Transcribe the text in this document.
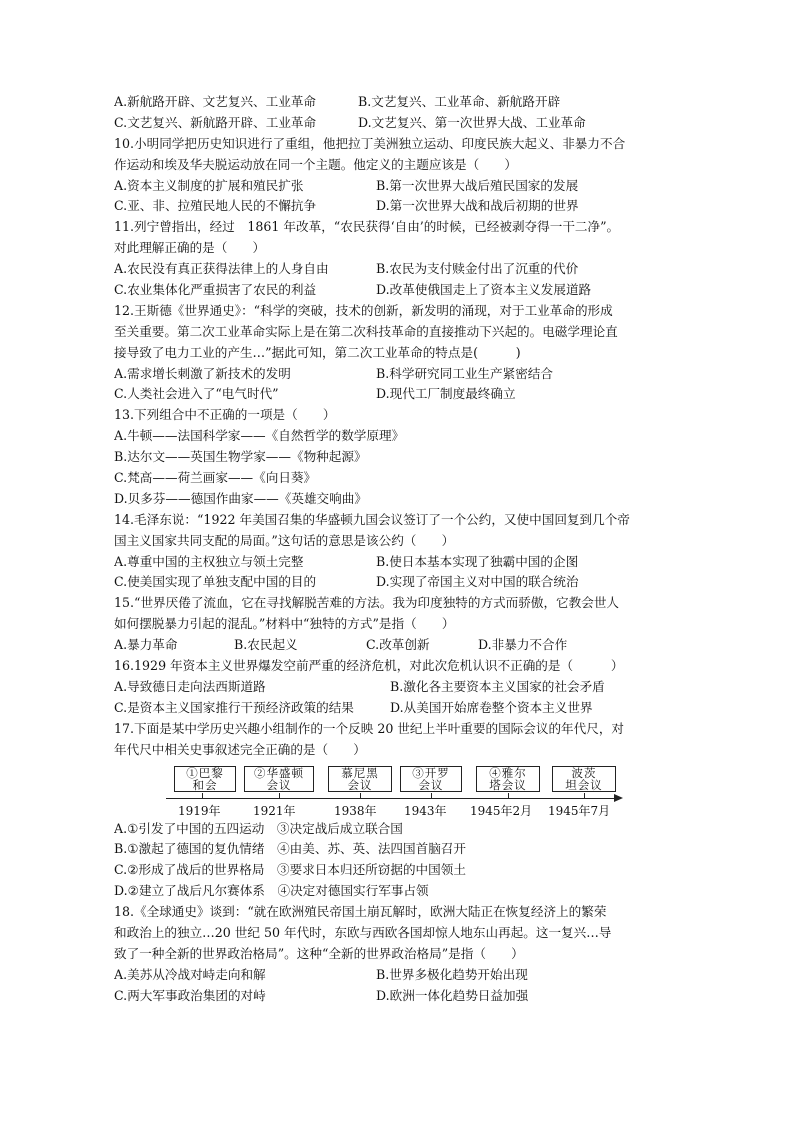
A.新航路开辟、文艺复兴、工业革命	B.文艺复兴、工业革命、新航路开辟
C.文艺复兴、新航路开辟、工业革命	D.文艺复兴、第一次世界大战、工业革命
10.小明同学把历史知识进行了重组，他把拉丁美洲独立运动、印度民族大起义、非暴力不合
作运动和埃及华夫脱运动放在同一个主题。他定义的主题应该是（　　）
A.资本主义制度的扩展和殖民扩张	B.第一次世界大战后殖民国家的发展
C.亚、非、拉殖民地人民的不懈抗争	D.第一次世界大战和战后初期的世界
11.列宁曾指出，经过　1861 年改革，“农民获得‘自由’的时候，已经被剥夺得一干二净”。
对此理解正确的是（　　）
A.农民没有真正获得法律上的人身自由	B.农民为支付赎金付出了沉重的代价
C.农业集体化严重损害了农民的利益	D.改革使俄国走上了资本主义发展道路
12.王斯德《世界通史》：“科学的突破，技术的创新，新发明的涌现，对于工业革命的形成
至关重要。第二次工业革命实际上是在第二次科技革命的直接推动下兴起的。电磁学理论直
接导致了电力工业的产生…”据此可知，第二次工业革命的特点是(　　　)
A.需求增长刺激了新技术的发明	B.科学研究同工业生产紧密结合
C.人类社会进入了“电气时代”	D.现代工厂制度最终确立
13.下列组合中不正确的一项是（　　）
A.牛顿——法国科学家——《自然哲学的数学原理》
B.达尔文——英国生物学家——《物种起源》
C.梵高——荷兰画家——《向日葵》
D.贝多芬——德国作曲家——《英雄交响曲》
14.毛泽东说：“1922 年美国召集的华盛顿九国会议签订了一个公约，又使中国回复到几个帝
国主义国家共同支配的局面。”这句话的意思是该公约（　　）
A.尊重中国的主权独立与领土完整	B.使日本基本实现了独霸中国的企图
C.使美国实现了单独支配中国的目的	D.实现了帝国主义对中国的联合统治
15.“世界厌倦了流血，它在寻找解脱苦难的方法。我为印度独特的方式而骄傲，它教会世人
如何摆脱暴力引起的混乱。”材料中“独特的方式”是指（　　）
A.暴力革命	B.农民起义	C.改革创新	D.非暴力不合作
16.1929 年资本主义世界爆发空前严重的经济危机，对此次危机认识不正确的是（　　　）
A.导致德日走向法西斯道路	B.激化各主要资本主义国家的社会矛盾
C.是资本主义国家推行干预经济政策的结果	D.从美国开始席卷整个资本主义世界
17.下面是某中学历史兴趣小组制作的一个反映 20 世纪上半叶重要的国际会议的年代尺，对
年代尺中相关史事叙述完全正确的是（　　）
①巴黎
和会
②华盛顿
会议
慕尼黑
会议
③开罗
会议
④雅尔
塔会议
波茨
坦会议
1919年	1921年	1938年 1943年 1945年2月 1945年7月
A.①引发了中国的五四运动　③决定战后成立联合国
B.①激起了德国的复仇情绪　④由美、苏、英、法四国首脑召开
C.②形成了战后的世界格局　③要求日本归还所窃据的中国领土
D.②建立了战后凡尔赛体系　④决定对德国实行军事占领
18.《全球通史》谈到：“就在欧洲殖民帝国土崩瓦解时，欧洲大陆正在恢复经济上的繁荣
和政治上的独立…20 世纪 50 年代时，东欧与西欧各国却惊人地东山再起。这一复兴…导
致了一种全新的世界政治格局”。这种“全新的世界政治格局”是指（　　）
A.美苏从冷战对峙走向和解	B.世界多极化趋势开始出现
C.两大军事政治集团的对峙	D.欧洲一体化趋势日益加强
